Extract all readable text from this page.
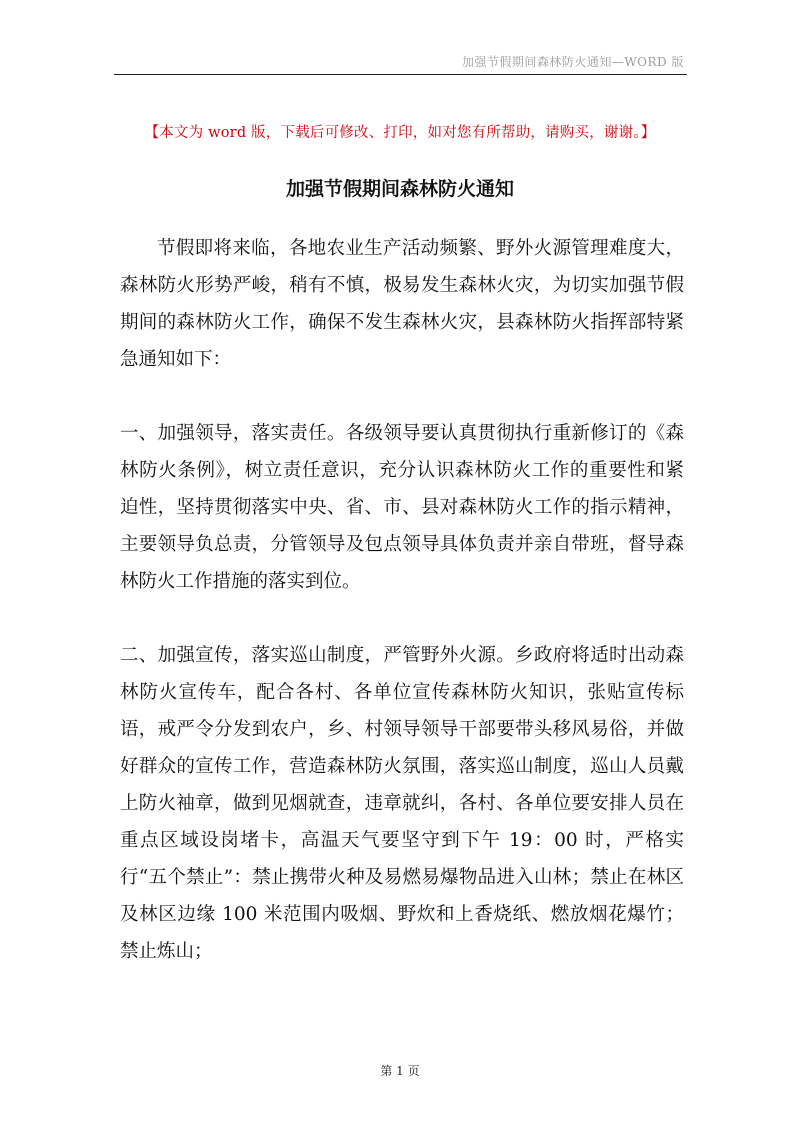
加强节假期间森林防火通知—WORD 版
【本文为 word 版，下载后可修改、打印，如对您有所帮助，请购买，谢谢。】
加强节假期间森林防火通知

节假即将来临，各地农业生产活动频繁、野外火源管理难度大，森林防火形势严峻，稍有不慎，极易发生森林火灾，为切实加强节假期间的森林防火工作，确保不发生森林火灾，县森林防火指挥部特紧急通知如下：

一、加强领导，落实责任。各级领导要认真贯彻执行重新修订的《森林防火条例》，树立责任意识，充分认识森林防火工作的重要性和紧迫性，坚持贯彻落实中央、省、市、县对森林防火工作的指示精神，主要领导负总责，分管领导及包点领导具体负责并亲自带班，督导森林防火工作措施的落实到位。

二、加强宣传，落实巡山制度，严管野外火源。乡政府将适时出动森林防火宣传车，配合各村、各单位宣传森林防火知识，张贴宣传标语，戒严令分发到农户，乡、村领导领导干部要带头移风易俗，并做好群众的宣传工作，营造森林防火氛围，落实巡山制度，巡山人员戴上防火袖章，做到见烟就查，违章就纠，各村、各单位要安排人员在重点区域设岗堵卡，高温天气要坚守到下午 19：00 时，严格实行“五个禁止”：禁止携带火种及易燃易爆物品进入山林；禁止在林区及林区边缘 100 米范围内吸烟、野炊和上香烧纸、燃放烟花爆竹；禁止炼山；

第 1 页
